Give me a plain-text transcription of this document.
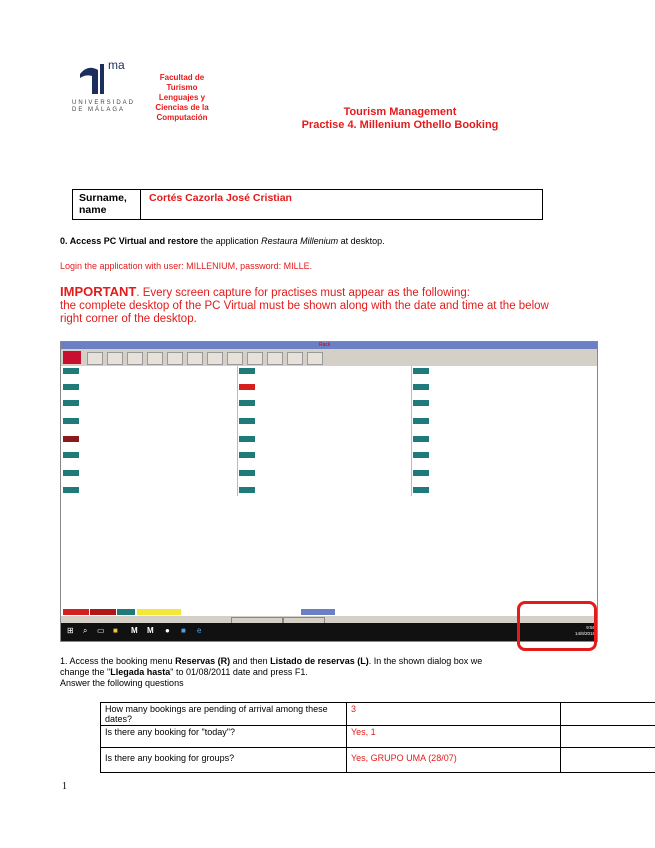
ma
UNIVERSIDAD
DE MÁLAGA
Facultad de
Turismo
Lenguajes y
Ciencias de la
Computación	Tourism Management
Practise 4. Millenium Othello Booking
Surname,
name
Cortés Cazorla José Cristian
0. Access PC Virtual and restore the application Restaura Millenium at desktop.
Login the application with user: MILLENIUM, password: MILLE.
IMPORTANT. Every screen capture for practises must appear as the following:
the complete desktop of the PC Virtual must be shown along with the date and time at the below
right corner of the desktop.
Rack
⊞ ⌕ ▭ ■ M M ● ■ e	9:56
14/8/2018
1. Access the booking menu Reservas (R) and then Listado de reservas (L). In the shown dialog box we
change the "Llegada hasta" to 01/08/2011 date and press F1.
Answer the following questions
How many bookings are pending of arrival among these dates?	3	
Is there any booking for "today"?	Yes, 1	
Is there any booking for groups?	Yes, GRUPO UMA (28/07)	
1
